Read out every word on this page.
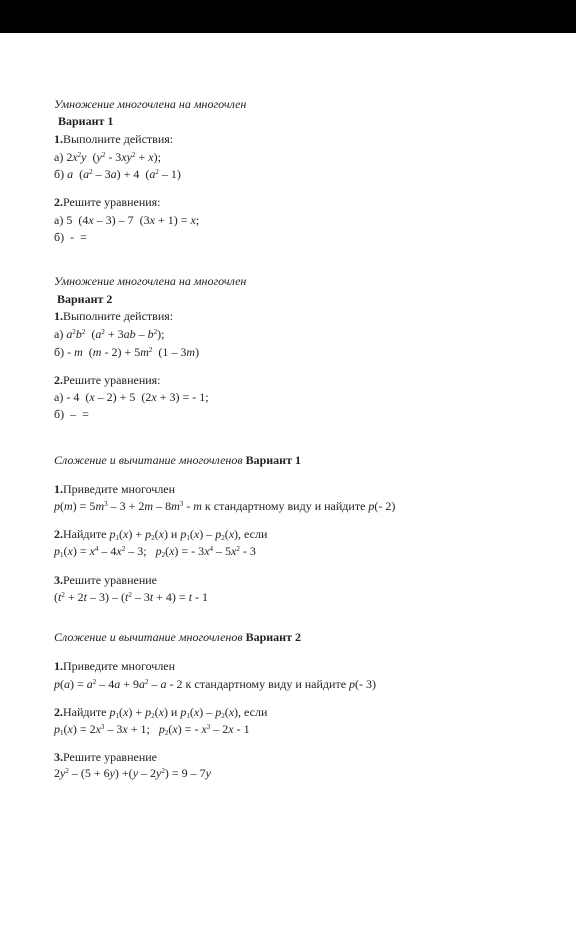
Умножение многочлена на многочлен
Вариант 1
1.Выполните действия:
а) $2x^2y$  $(y^2 - 3xy^2 + x)$;
б) a  $(a^2 - 3a) + 4$  $(a^2 - 1)$
2.Решите уравнения:
а) 5  (4x – 3) – 7  (3x + 1) = x;
б)  -  =
Умножение многочлена на многочлен
Вариант 2
1.Выполните действия:
а) $a^2b^2$  $(a^2 + 3ab - b^2)$;
б) - m  $(m - 2) + 5m^2$  (1 – 3m)
2.Решите уравнения:
а) - 4  (x – 2) + 5  (2x + 3) = - 1;
б)  –  =
Сложение и вычитание многочленов Вариант 1
1.Приведите многочлен
$p(m) = 5m^3 - 3 + 2m - 8m^3 - m$ к стандартному виду и найдите p(- 2)
2.Найдите $p_1(x) + p_2(x)$ и $p_1(x) - p_2(x)$, если
$p_1(x) = x^4 - 4x^2 - 3$;   $p_2(x)$ = - $3x^4 - 5x^2 - 3$
3.Решите уравнение
$(t^2 + 2t - 3) - (t^2 - 3t + 4) = t - 1$
Сложение и вычитание многочленов Вариант 2
1.Приведите многочлен
$p(a) = a^2 - 4a + 9a^2 - a - 2$ к стандартному виду и найдите p(- 3)
2.Найдите $p_1(x) + p_2(x)$ и $p_1(x) - p_2(x)$, если
$p_1(x) = 2x^3 - 3x + 1$;   $p_2(x)$ = - $x^3 - 2x - 1$
3.Решите уравнение
$2y^2 - (5 + 6y) +(y - 2y^2) = 9 - 7y$
